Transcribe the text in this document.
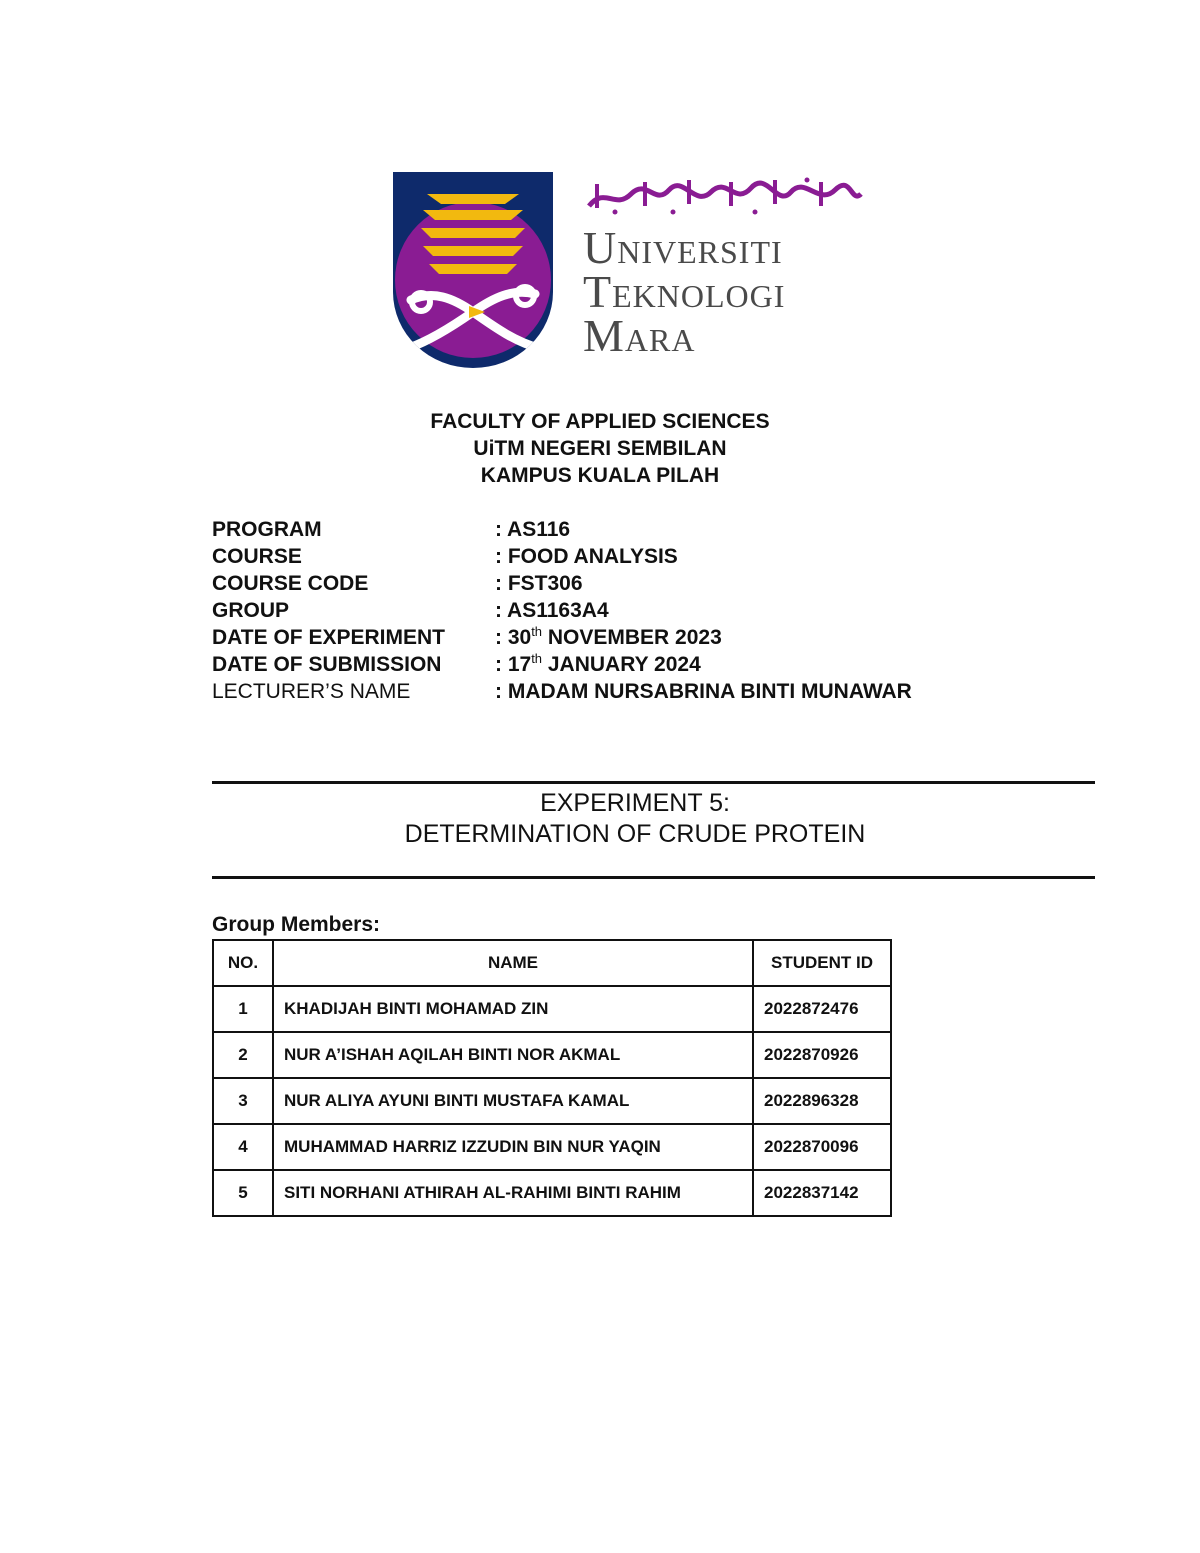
Universiti
Teknologi
Mara
FACULTY OF APPLIED SCIENCES
UiTM NEGERI SEMBILAN
KAMPUS KUALA PILAH
PROGRAM	: AS116
COURSE	: FOOD ANALYSIS
COURSE CODE	: FST306
GROUP	: AS1163A4
DATE OF EXPERIMENT	: 30th NOVEMBER 2023
DATE OF SUBMISSION	: 17th JANUARY 2024
LECTURER’S NAME	: MADAM NURSABRINA BINTI MUNAWAR
EXPERIMENT 5:
DETERMINATION OF CRUDE PROTEIN
Group Members:
NO.	NAME	STUDENT ID
1	KHADIJAH BINTI MOHAMAD ZIN	2022872476
2	NUR A’ISHAH AQILAH BINTI NOR AKMAL	2022870926
3	NUR ALIYA AYUNI BINTI MUSTAFA KAMAL	2022896328
4	MUHAMMAD HARRIZ IZZUDIN BIN NUR YAQIN	2022870096
5	SITI NORHANI ATHIRAH AL-RAHIMI BINTI RAHIM	2022837142
